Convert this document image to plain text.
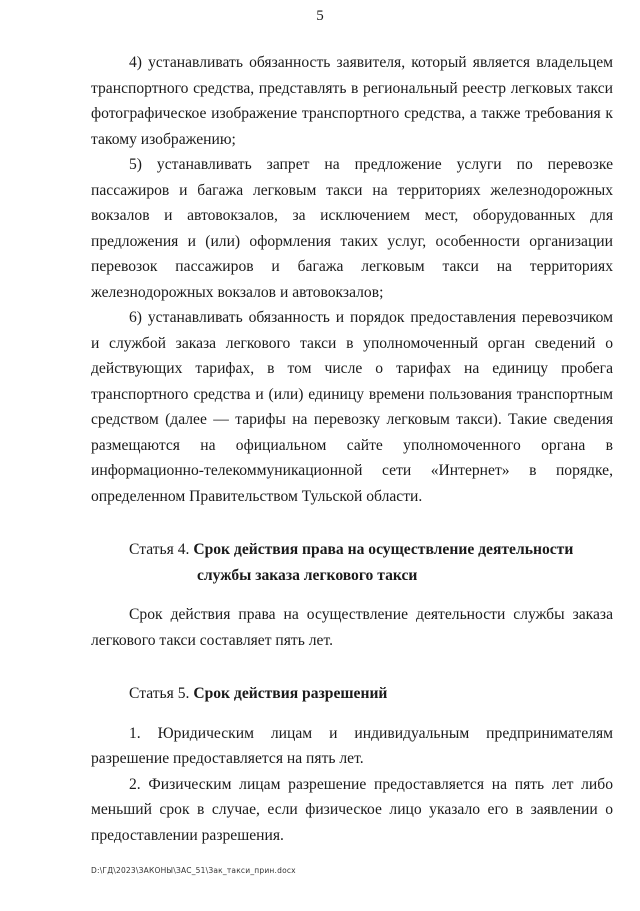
5

4) устанавливать обязанность заявителя, который является владельцем транспортного средства, представлять в региональный реестр легковых такси фотографическое изображение транспортного средства, а также требования к такому изображению;

5) устанавливать запрет на предложение услуги по перевозке пассажиров и багажа легковым такси на территориях железнодорожных вокзалов и автовокзалов, за исключением мест, оборудованных для предложения и (или) оформления таких услуг, особенности организации перевозок пассажиров и багажа легковым такси на территориях железнодорожных вокзалов и автовокзалов;

6) устанавливать обязанность и порядок предоставления перевозчиком и службой заказа легкового такси в уполномоченный орган сведений о действующих тарифах, в том числе о тарифах на единицу пробега транспортного средства и (или) единицу времени пользования транспортным средством (далее — тарифы на перевозку легковым такси). Такие сведения размещаются на официальном сайте уполномоченного органа в информационно-телекоммуникационной сети «Интернет» в порядке, определенном Правительством Тульской области.

Статья 4. Срок действия права на осуществление деятельности

службы заказа легкового такси

Срок действия права на осуществление деятельности службы заказа легкового такси составляет пять лет.

Статья 5. Срок действия разрешений

1. Юридическим лицам и индивидуальным предпринимателям разрешение предоставляется на пять лет.

2. Физическим лицам разрешение предоставляется на пять лет либо меньший срок в случае, если физическое лицо указало его в заявлении о предоставлении разрешения.

D:\ГД\2023\ЗАКОНЫ\ЗАС_51\Зак_такси_прин.docx
